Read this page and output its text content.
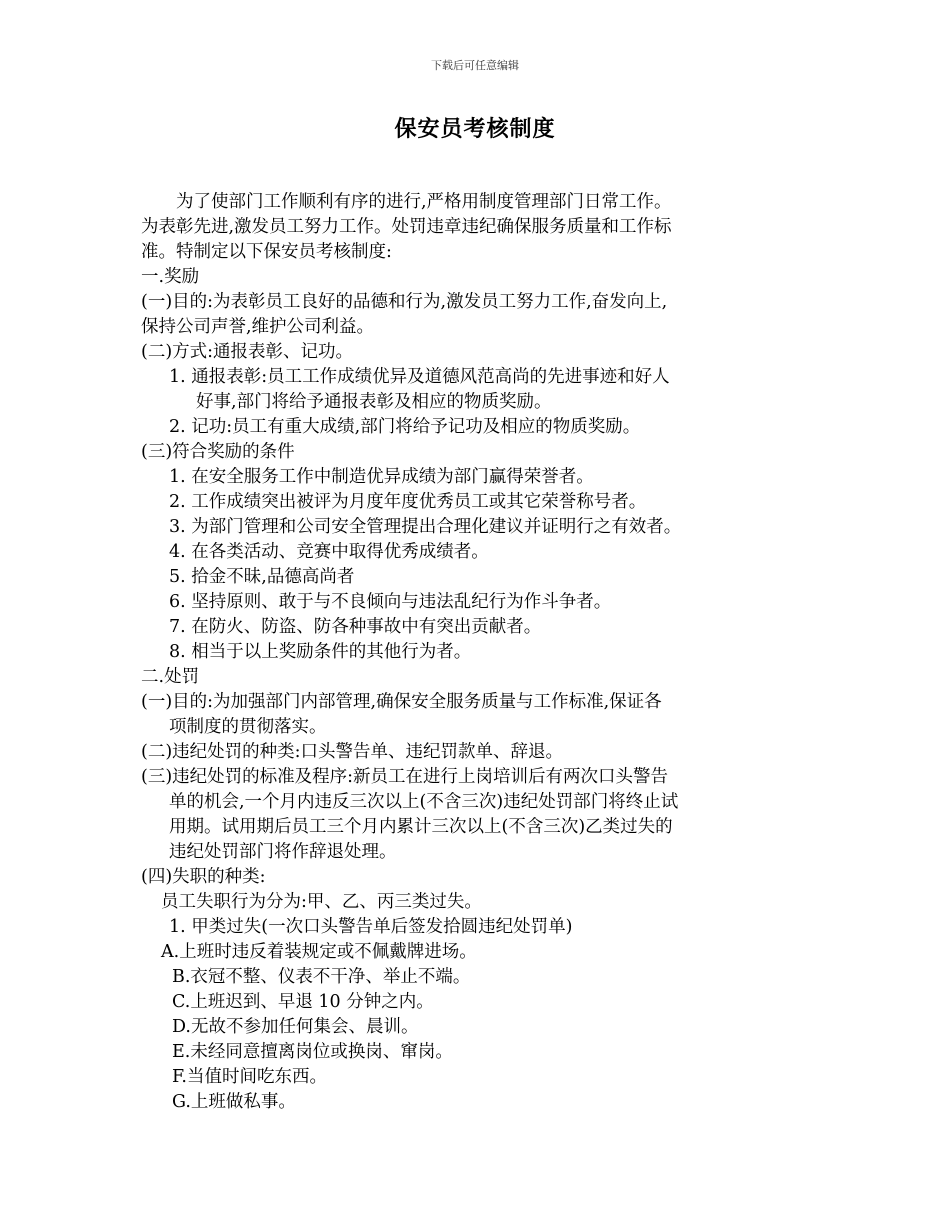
下载后可任意编辑
保安员考核制度
为了使部门工作顺利有序的进行,严格用制度管理部门日常工作。
为表彰先进,激发员工努力工作。处罚违章违纪确保服务质量和工作标
准。特制定以下保安员考核制度:
一.奖励
(一)目的:为表彰员工良好的品德和行为,激发员工努力工作,奋发向上,
保持公司声誉,维护公司利益。
(二)方式:通报表彰、记功。
1. 通报表彰:员工工作成绩优异及道德风范高尚的先进事迹和好人
好事,部门将给予通报表彰及相应的物质奖励。
2. 记功:员工有重大成绩,部门将给予记功及相应的物质奖励。
(三)符合奖励的条件
1. 在安全服务工作中制造优异成绩为部门赢得荣誉者。
2. 工作成绩突出被评为月度年度优秀员工或其它荣誉称号者。
3. 为部门管理和公司安全管理提出合理化建议并证明行之有效者。
4. 在各类活动、竞赛中取得优秀成绩者。
5. 拾金不昧,品德高尚者
6. 坚持原则、敢于与不良倾向与违法乱纪行为作斗争者。
7. 在防火、防盗、防各种事故中有突出贡献者。
8. 相当于以上奖励条件的其他行为者。
二.处罚
(一)目的:为加强部门内部管理,确保安全服务质量与工作标准,保证各
项制度的贯彻落实。
(二)违纪处罚的种类:口头警告单、违纪罚款单、辞退。
(三)违纪处罚的标准及程序:新员工在进行上岗培训后有两次口头警告
单的机会,一个月内违反三次以上(不含三次)违纪处罚部门将终止试
用期。试用期后员工三个月内累计三次以上(不含三次)乙类过失的
违纪处罚部门将作辞退处理。
(四)失职的种类:
员工失职行为分为:甲、乙、丙三类过失。
1. 甲类过失(一次口头警告单后签发拾圆违纪处罚单)
A.上班时违反着装规定或不佩戴牌进场。
B.衣冠不整、仪表不干净、举止不端。
C.上班迟到、早退 10 分钟之内。
D.无故不参加任何集会、晨训。
E.未经同意擅离岗位或换岗、窜岗。
F.当值时间吃东西。
G.上班做私事。
